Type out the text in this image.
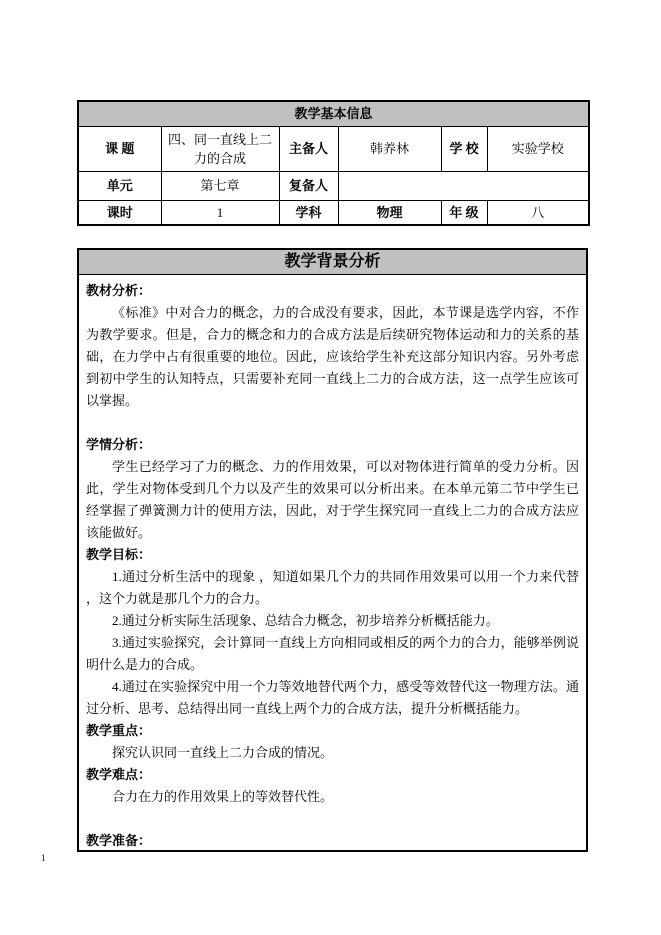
教学基本信息					
课 题	四、同一直线上二力的合成	主备人	韩养林	学 校	实验学校
单元	第七章	复备人			
课时	1	学科	物理	年 级	八
教学背景分析

教材分析：

《标准》中对合力的概念，力的合成没有要求，因此，本节课是选学内容，不作为教学要求。但是，合力的概念和力的合成方法是后续研究物体运动和力的关系的基础，在力学中占有很重要的地位。因此，应该给学生补充这部分知识内容。另外考虑到初中学生的认知特点，只需要补充同一直线上二力的合成方法，这一点学生应该可以掌握。

学情分析：

学生已经学习了力的概念、力的作用效果，可以对物体进行简单的受力分析。因此，学生对物体受到几个力以及产生的效果可以分析出来。在本单元第二节中学生已经掌握了弹簧测力计的使用方法，因此，对于学生探究同一直线上二力的合成方法应该能做好。

教学目标：

1.通过分析生活中的现象 ，知道如果几个力的共同作用效果可以用一个力来代替 ，这个力就是那几个力的合力。

2.通过分析实际生活现象、总结合力概念，初步培养分析概括能力。

3.通过实验探究，会计算同一直线上方向相同或相反的两个力的合力，能够举例说明什么是力的合成。

4.通过在实验探究中用一个力等效地替代两个力，感受等效替代这一物理方法。通过分析、思考、总结得出同一直线上两个力的合成方法，提升分析概括能力。

教学重点：

探究认识同一直线上二力合成的情况。

教学难点：

合力在力的作用效果上的等效替代性。

教学准备：

1
